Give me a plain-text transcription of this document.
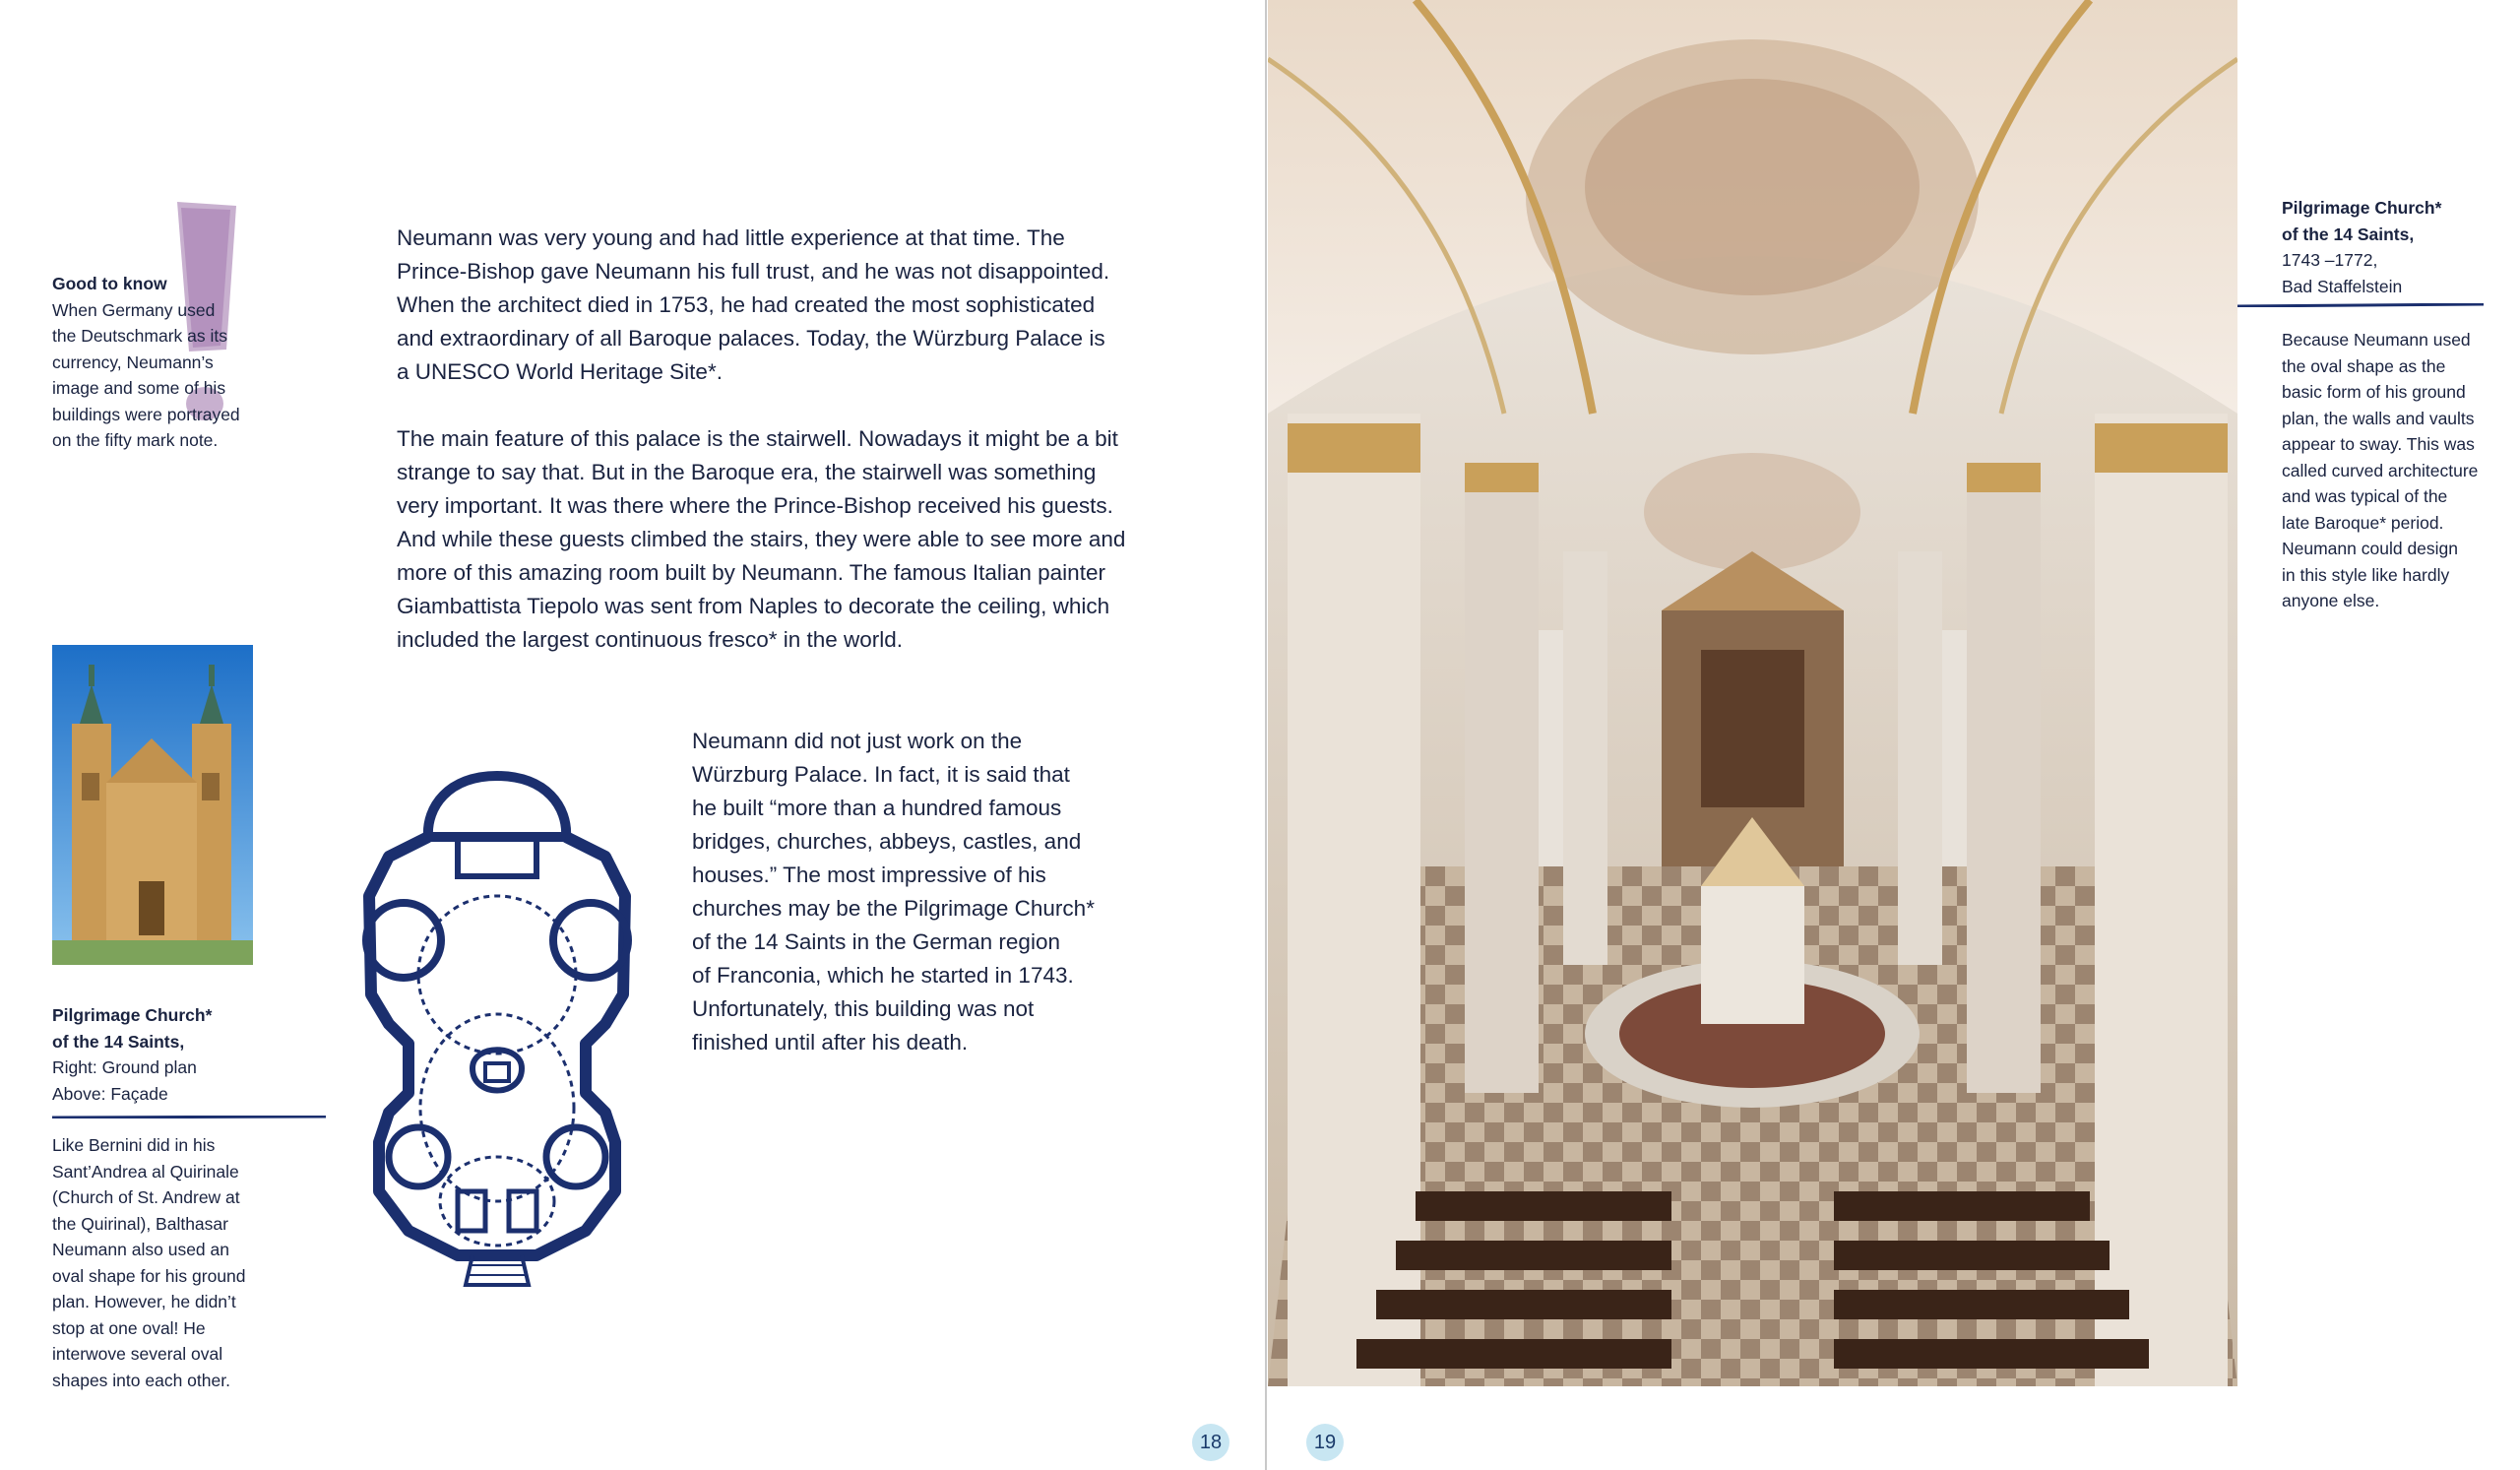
Good to know
When Germany used
the Deutschmark as its
currency, Neumann’s
image and some of his
buildings were portrayed
on the fifty mark note.
Pilgrimage Church*
of the 14 Saints,
Right: Ground plan
Above: Façade
Like Bernini did in his
Sant’Andrea al Quirinale
(Church of St. Andrew at
the Quirinal), Balthasar
Neumann also used an
oval shape for his ground
plan. However, he didn’t
stop at one oval! He
interwove several oval
shapes into each other.
Neumann was very young and had little experience at that time. The
Prince-Bishop gave Neumann his full trust, and he was not disappointed.
When the architect died in 1753, he had created the most sophisticated
and extraordinary of all Baroque palaces. Today, the Würzburg Palace is
a UNESCO World Heritage Site*.
The main feature of this palace is the stairwell. Nowadays it might be a bit
strange to say that. But in the Baroque era, the stairwell was something
very important. It was there where the Prince-Bishop received his guests.
And while these guests climbed the stairs, they were able to see more and
more of this amazing room built by Neumann. The famous Italian painter
Giambattista Tiepolo was sent from Naples to decorate the ceiling, which
included the largest continuous fresco* in the world.
Neumann did not just work on the
Würzburg Palace. In fact, it is said that
he built “more than a hundred famous
bridges, churches, abbeys, castles, and
houses.” The most impressive of his
churches may be the Pilgrimage Church*
of the 14 Saints in the German region
of Franconia, which he started in 1743.
Unfortunately, this building was not
finished until after his death.
18	19
Pilgrimage Church*
of the 14 Saints,
1743 –1772,
Bad Staffelstein
Because Neumann used
the oval shape as the
basic form of his ground
plan, the walls and vaults
appear to sway. This was
called curved architecture
and was typical of the
late Baroque* period.
Neumann could design
in this style like hardly
anyone else.
